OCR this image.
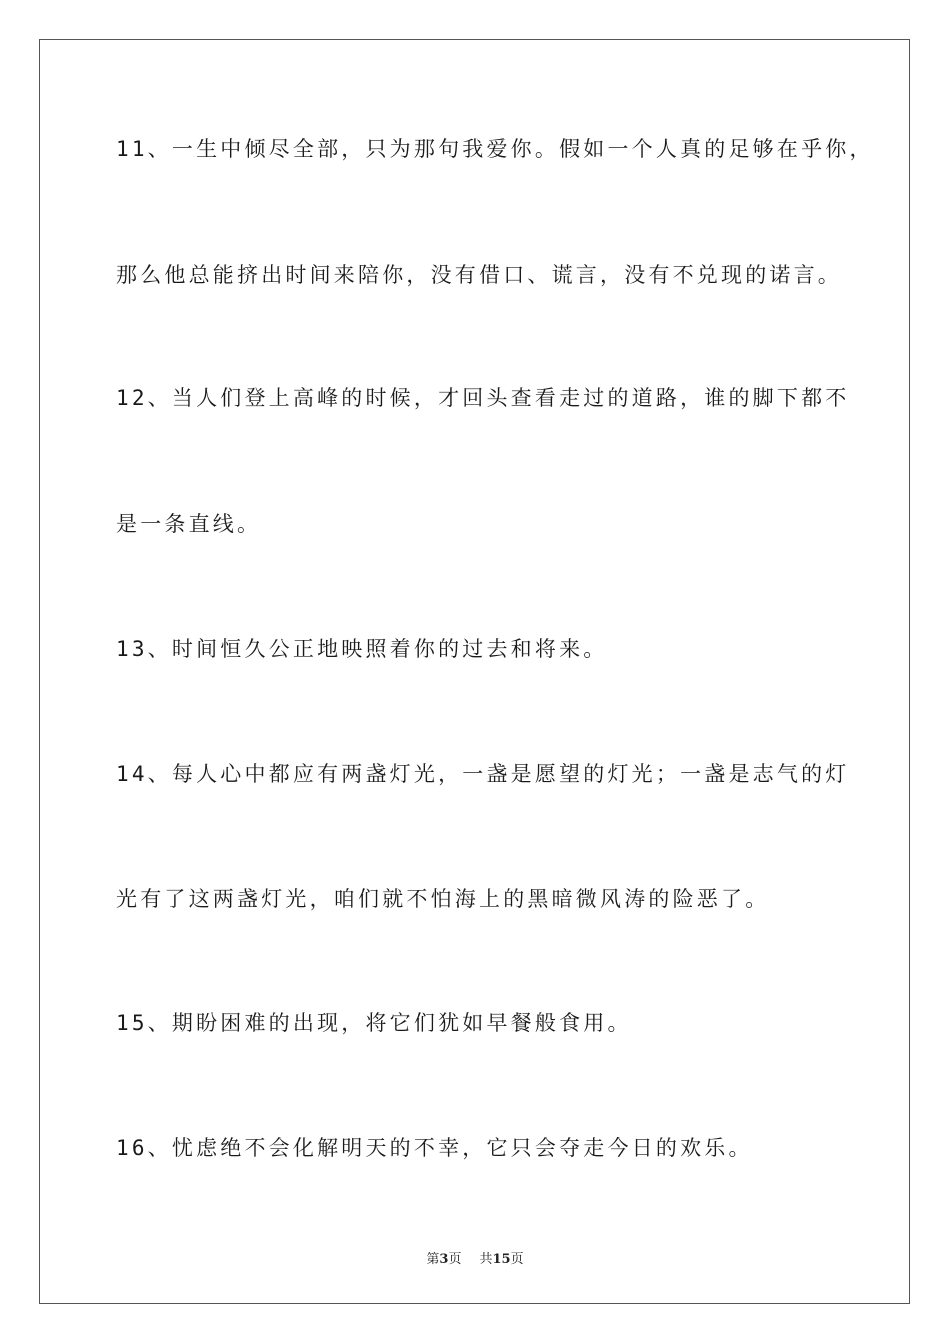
11、一生中倾尽全部，只为那句我爱你。假如一个人真的足够在乎你，
那么他总能挤出时间来陪你，没有借口、谎言，没有不兑现的诺言。
12、当人们登上高峰的时候，才回头查看走过的道路，谁的脚下都不
是一条直线。
13、时间恒久公正地映照着你的过去和将来。
14、每人心中都应有两盏灯光，一盏是愿望的灯光；一盏是志气的灯
光有了这两盏灯光，咱们就不怕海上的黑暗微风涛的险恶了。
15、期盼困难的出现，将它们犹如早餐般食用。
16、忧虑绝不会化解明天的不幸，它只会夺走今日的欢乐。
第3页 共15页
